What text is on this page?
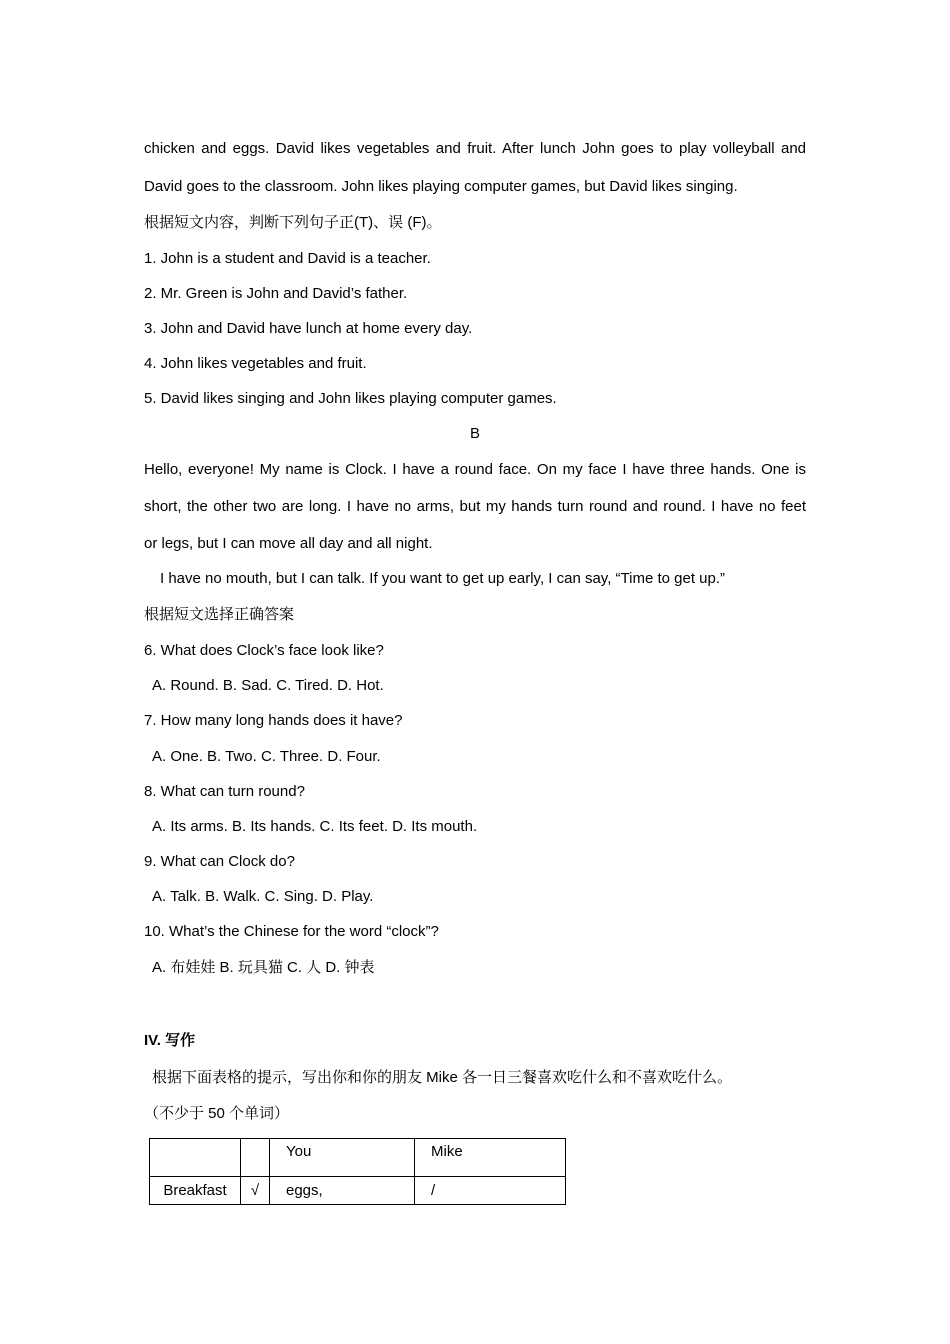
chicken and eggs. David likes vegetables and fruit. After lunch John goes to play volleyball and
David goes to the classroom. John likes playing computer games, but David likes singing.
根据短文内容，判断下列句子正(T)、误 (F)。
1. John is a student and David is a teacher.
2. Mr. Green is John and David’s father.
3. John and David have lunch at home every day.
4. John likes vegetables and fruit.
5. David likes singing and John likes playing computer games.
B
Hello, everyone! My name is Clock. I have a round face. On my face I have three hands. One is
short, the other two are long. I have no arms, but my hands turn round and round. I have no feet
or legs, but I can move all day and all night.
I have no mouth, but I can talk. If you want to get up early, I can say, “Time to get up.”
根据短文选择正确答案
6. What does Clock’s face look like?
A. Round. B. Sad. C. Tired. D. Hot.
7. How many long hands does it have?
A. One. B. Two. C. Three. D. Four.
8. What can turn round?
A. Its arms. B. Its hands. C. Its feet. D. Its mouth.
9. What can Clock do?
A. Talk. B. Walk. C. Sing. D. Play.
10. What’s the Chinese for the word “clock”?
A. 布娃娃 B. 玩具猫 C. 人 D. 钟表
IV. 写作
根据下面表格的提示，写出你和你的朋友 Mike 各一日三餐喜欢吃什么和不喜欢吃什么。
（不少于 50 个单词）
		You	Mike
Breakfast	√	eggs,	/
